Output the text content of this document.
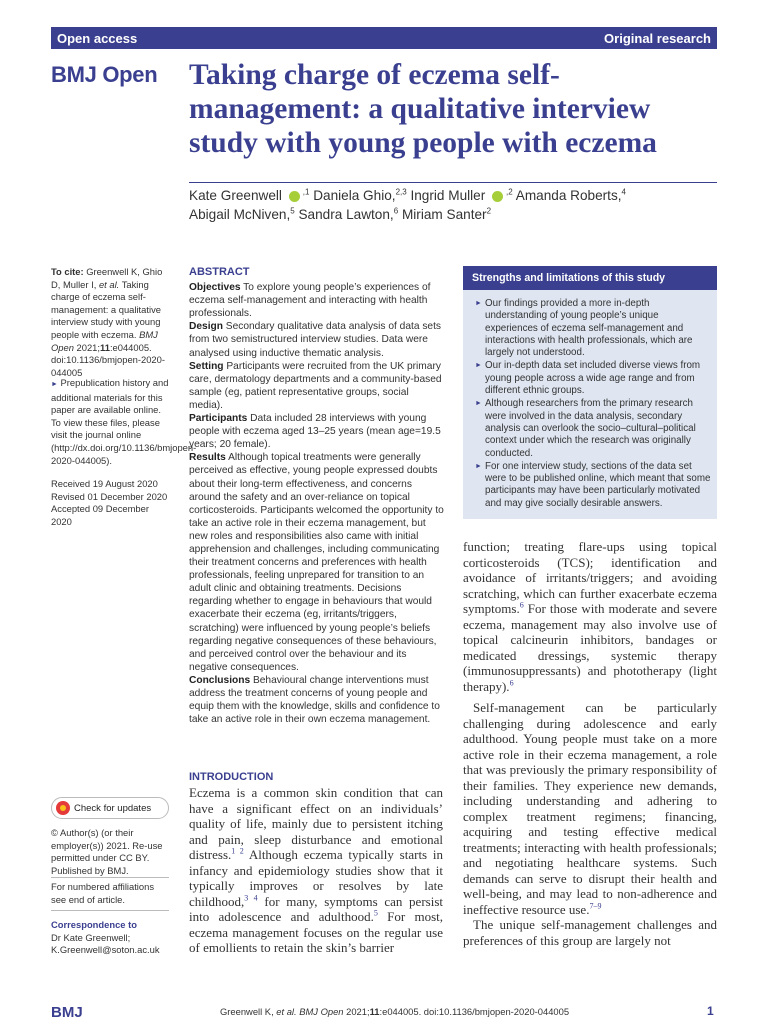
Open access	Original research
BMJ Open Taking charge of eczema self-management: a qualitative interview study with young people with eczema
Kate Greenwell	$^{,1}$ Daniela Ghio,$^{2,3}$ Ingrid Muller	$^{,2}$ Amanda Roberts,$^4$
Abigail McNiven,$^5$ Sandra Lawton,$^6$ Miriam Santer$^2$
To cite: Greenwell K, Ghio D, Muller I, et al. Taking charge of eczema self-management: a qualitative interview study with young people with eczema. BMJ Open 2021;11:e044005. doi:10.1136/bmjopen-2020-044005
► Prepublication history and additional materials for this paper are available online. To view these files, please visit the journal online (http://dx.doi.org/10.1136/bmjopen-2020-044005).
Received 19 August 2020
Revised 01 December 2020
Accepted 09 December 2020
Check for updates
© Author(s) (or their employer(s)) 2021. Re-use permitted under CC BY. Published by BMJ.
For numbered affiliations see end of article.
Correspondence to
Dr Kate Greenwell;
K.Greenwell@soton.ac.uk
ABSTRACT

Objectives To explore young people’s experiences of eczema self-management and interacting with health professionals.

Design Secondary qualitative data analysis of data sets from two semistructured interview studies. Data were analysed using inductive thematic analysis.

Setting Participants were recruited from the UK primary care, dermatology departments and a community-based sample (eg, patient representative groups, social media).

Participants Data included 28 interviews with young people with eczema aged 13–25 years (mean age=19.5 years; 20 female).

Results Although topical treatments were generally perceived as effective, young people expressed doubts about their long-term effectiveness, and concerns around the safety and an over-reliance on topical corticosteroids. Participants welcomed the opportunity to take an active role in their eczema management, but new roles and responsibilities also came with initial apprehension and challenges, including communicating their treatment concerns and preferences with health professionals, feeling unprepared for transition to an adult clinic and obtaining treatments. Decisions regarding whether to engage in behaviours that would exacerbate their eczema (eg, irritants/triggers, scratching) were influenced by young people’s beliefs regarding negative consequences of these behaviours, and perceived control over the behaviour and its negative consequences.

Conclusions Behavioural change interventions must address the treatment concerns of young people and equip them with the knowledge, skills and confidence to take an active role in their own eczema management.

Strengths and limitations of this study
► Our findings provided a more in-depth understanding of young people’s unique experiences of eczema self-management and interactions with health professionals, which are largely not understood.
► Our in-depth data set included diverse views from young people across a wide age range and from different ethnic groups.
► Although researchers from the primary research were involved in the data analysis, secondary analysis can overlook the socio–cultural–political context under which the research was originally conducted.
► For one interview study, sections of the data set were to be published online, which meant that some participants may have been particularly motivated and may give socially desirable answers.
INTRODUCTION
Eczema is a common skin condition that can have a significant effect on an individuals’ quality of life, mainly due to persistent itching and pain, sleep disturbance and emotional distress.$^{1 2}$ Although eczema typically starts in infancy and epidemiology studies show that it typically improves or resolves by late childhood,$^{3 4}$ for many, symptoms can persist into adolescence and adulthood.$^5$ For most, eczema management focuses on the regular use of emollients to retain the skin’s barrier

function; treating flare-ups using topical corticosteroids (TCS); identification and avoidance of irritants/triggers; and avoiding scratching, which can further exacerbate eczema symptoms.$^6$ For those with moderate and severe eczema, management may also involve use of topical calcineurin inhibitors, bandages or medicated dressings, systemic therapy (immunosuppressants) and phototherapy (light therapy).$^6$

Self-management can be particularly challenging during adolescence and early adulthood. Young people must take on a more active role in their eczema management, a role that was previously the primary responsibility of their families. They experience new demands, including understanding and adhering to complex treatment regimens; financing, acquiring and testing effective medical treatments; interacting with health professionals; and negotiating healthcare systems. Such demands can serve to disrupt their health and well-being, and may lead to non-adherence and ineffective resource use.$^{7-9}$

The unique self-management challenges and preferences of this group are largely not

BMJ	Greenwell K, et al. BMJ Open 2021;11:e044005. doi:10.1136/bmjopen-2020-044005	1
